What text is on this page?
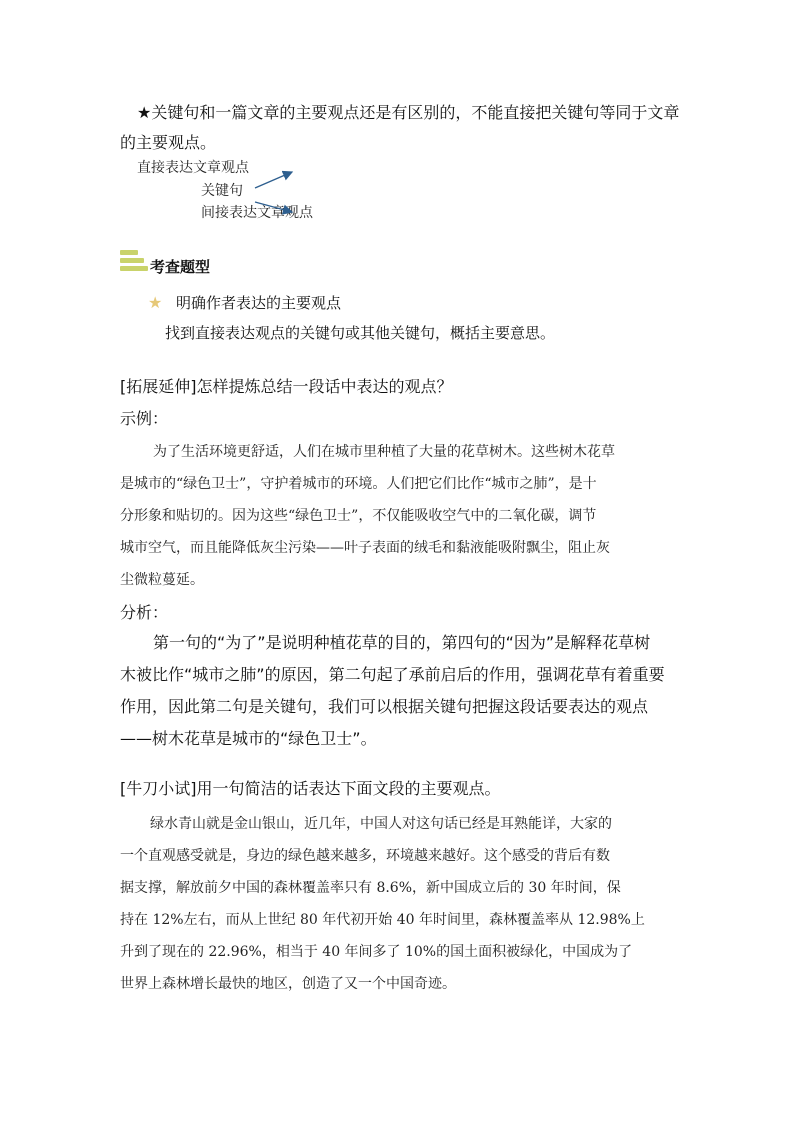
★关键句和一篇文章的主要观点还是有区别的，不能直接把关键句等同于文章
的主要观点。
直接表达文章观点
关键句
间接表达文章观点
考查题型
★ 明确作者表达的主要观点
找到直接表达观点的关键句或其他关键句，概括主要意思。
[拓展延伸]怎样提炼总结一段话中表达的观点？
示例：
为了生活环境更舒适，人们在城市里种植了大量的花草树木。这些树木花草
是城市的“绿色卫士”，守护着城市的环境。人们把它们比作“城市之肺”，是十
分形象和贴切的。因为这些“绿色卫士”，不仅能吸收空气中的二氧化碳，调节
城市空气，而且能降低灰尘污染——叶子表面的绒毛和黏液能吸附飘尘，阻止灰
尘微粒蔓延。
分析：
第一句的“为了”是说明种植花草的目的，第四句的“因为”是解释花草树
木被比作“城市之肺”的原因，第二句起了承前启后的作用，强调花草有着重要
作用，因此第二句是关键句，我们可以根据关键句把握这段话要表达的观点
——树木花草是城市的“绿色卫士”。
[牛刀小试]用一句简洁的话表达下面文段的主要观点。
绿水青山就是金山银山，近几年，中国人对这句话已经是耳熟能详，大家的
一个直观感受就是，身边的绿色越来越多，环境越来越好。这个感受的背后有数
据支撑，解放前夕中国的森林覆盖率只有 8.6%，新中国成立后的 30 年时间，保
持在 12%左右，而从上世纪 80 年代初开始 40 年时间里，森林覆盖率从 12.98%上
升到了现在的 22.96%，相当于 40 年间多了 10%的国土面积被绿化，中国成为了
世界上森林增长最快的地区，创造了又一个中国奇迹。
